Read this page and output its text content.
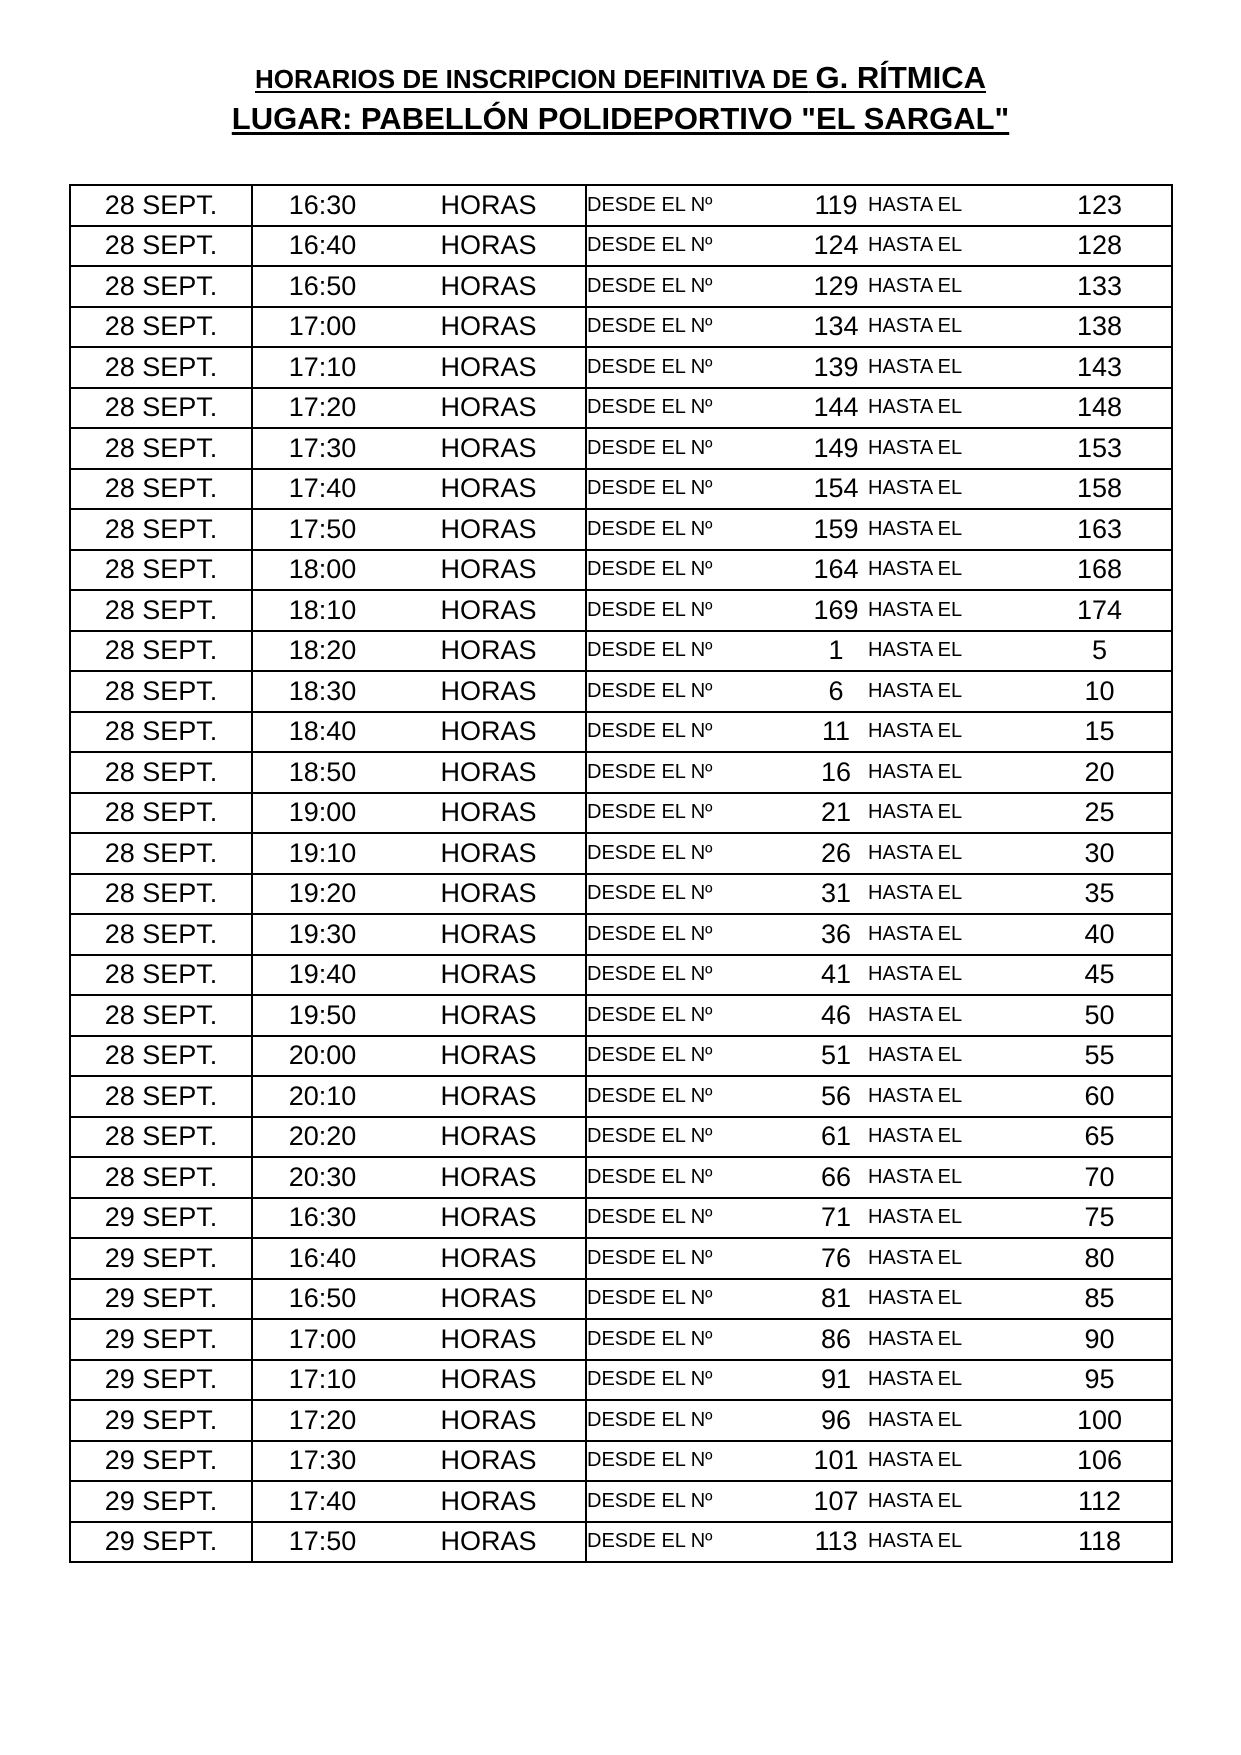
HORARIOS DE INSCRIPCION DEFINITIVA DE G. RÍTMICA
LUGAR: PABELLÓN POLIDEPORTIVO "EL SARGAL"
28 SEPT.	16:30	HORAS	DESDE EL Nº	119	HASTA EL	123
28 SEPT.	16:40	HORAS	DESDE EL Nº	124	HASTA EL	128
28 SEPT.	16:50	HORAS	DESDE EL Nº	129	HASTA EL	133
28 SEPT.	17:00	HORAS	DESDE EL Nº	134	HASTA EL	138
28 SEPT.	17:10	HORAS	DESDE EL Nº	139	HASTA EL	143
28 SEPT.	17:20	HORAS	DESDE EL Nº	144	HASTA EL	148
28 SEPT.	17:30	HORAS	DESDE EL Nº	149	HASTA EL	153
28 SEPT.	17:40	HORAS	DESDE EL Nº	154	HASTA EL	158
28 SEPT.	17:50	HORAS	DESDE EL Nº	159	HASTA EL	163
28 SEPT.	18:00	HORAS	DESDE EL Nº	164	HASTA EL	168
28 SEPT.	18:10	HORAS	DESDE EL Nº	169	HASTA EL	174
28 SEPT.	18:20	HORAS	DESDE EL Nº	1	HASTA EL	5
28 SEPT.	18:30	HORAS	DESDE EL Nº	6	HASTA EL	10
28 SEPT.	18:40	HORAS	DESDE EL Nº	11	HASTA EL	15
28 SEPT.	18:50	HORAS	DESDE EL Nº	16	HASTA EL	20
28 SEPT.	19:00	HORAS	DESDE EL Nº	21	HASTA EL	25
28 SEPT.	19:10	HORAS	DESDE EL Nº	26	HASTA EL	30
28 SEPT.	19:20	HORAS	DESDE EL Nº	31	HASTA EL	35
28 SEPT.	19:30	HORAS	DESDE EL Nº	36	HASTA EL	40
28 SEPT.	19:40	HORAS	DESDE EL Nº	41	HASTA EL	45
28 SEPT.	19:50	HORAS	DESDE EL Nº	46	HASTA EL	50
28 SEPT.	20:00	HORAS	DESDE EL Nº	51	HASTA EL	55
28 SEPT.	20:10	HORAS	DESDE EL Nº	56	HASTA EL	60
28 SEPT.	20:20	HORAS	DESDE EL Nº	61	HASTA EL	65
28 SEPT.	20:30	HORAS	DESDE EL Nº	66	HASTA EL	70
29 SEPT.	16:30	HORAS	DESDE EL Nº	71	HASTA EL	75
29 SEPT.	16:40	HORAS	DESDE EL Nº	76	HASTA EL	80
29 SEPT.	16:50	HORAS	DESDE EL Nº	81	HASTA EL	85
29 SEPT.	17:00	HORAS	DESDE EL Nº	86	HASTA EL	90
29 SEPT.	17:10	HORAS	DESDE EL Nº	91	HASTA EL	95
29 SEPT.	17:20	HORAS	DESDE EL Nº	96	HASTA EL	100
29 SEPT.	17:30	HORAS	DESDE EL Nº	101	HASTA EL	106
29 SEPT.	17:40	HORAS	DESDE EL Nº	107	HASTA EL	112
29 SEPT.	17:50	HORAS	DESDE EL Nº	113	HASTA EL	118
